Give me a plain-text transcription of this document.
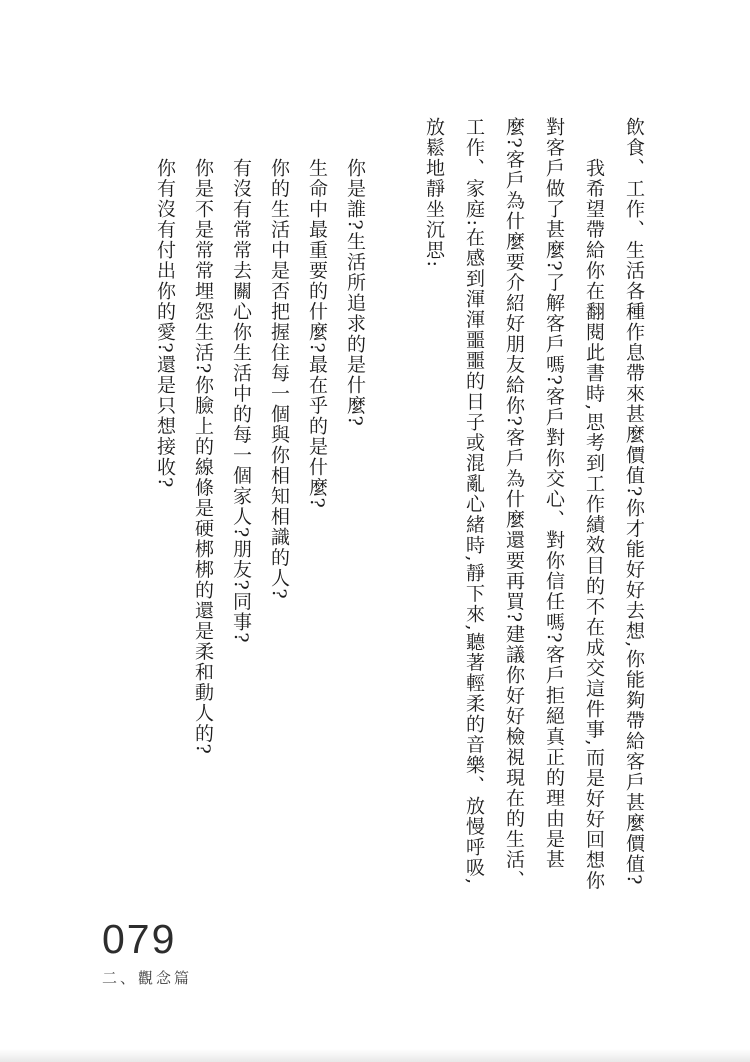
飲食、工作、生活各種作息帶來甚麼價值?你才能好好去想,你能夠帶給客戶甚麼價值?

我希望帶給你在翻閱此書時,思考到工作績效目的不在成交這件事,而是好好回想你對客戶做了甚麼?了解客戶嗎?客戶對你交心、對你信任嗎?客戶拒絕真正的理由是甚麼?客戶為什麼要介紹好朋友給你?客戶為什麼還要再買?建議你好好檢視現在的生活、工作、家庭:在感到渾渾噩噩的日子或混亂心緒時,靜下來,聽著輕柔的音樂、放慢呼吸,放鬆地靜坐沉思:

你是誰?生活所追求的是什麼?

生命中最重要的什麼?最在乎的是什麼?

你的生活中是否把握住每一個與你相知相識的人?

有沒有常常去關心你生活中的每一個家人?朋友?同事?

你是不是常常埋怨生活?你臉上的線條是硬梆梆的還是柔和動人的?

你有沒有付出你的愛?還是只想接收?

079
二、觀念篇
